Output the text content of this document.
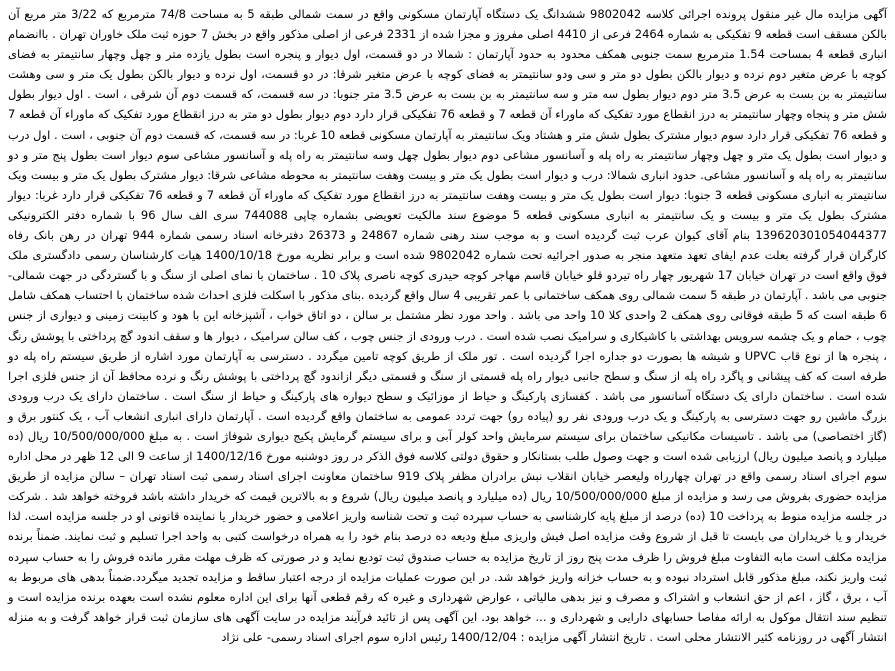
آگهی مزایده مال غیر منقول پرونده اجرائی کلاسه 9802042 ششدانگ یک دستگاه آپارتمان مسکونی واقع در سمت شمالی طبقه 5 به مساحت 74/8 مترمربع که 3/22 متر مربع آن بالکن مسقف است قطعه 9 تفکیکی به شماره 2464 فرعی از 4410 اصلی مفروز و مجزا شده از 2331 فرعی از اصلی مذکور واقع در بخش 7 حوزه ثبت ملک خاوران تهران . باانضمام انباری قطعه 4 بمساحت 1.54 مترمربع سمت جنوبی همکف محدود به حدود آپارتمان : شمالا در دو قسمت، اول دیوار و پنجره است بطول یازده متر و چهل وچهار سانتیمتر به فضای کوچه با عرض متغیر دوم نرده و دیوار بالکن بطول دو متر و سی ودو سانتیمتر به فضای کوچه با عرض متغیر شرقا: در دو قسمت، اول نرده و دیوار بالکن بطول یک متر و سی وهشت سانتیمتر به بن بست به عرض 3.5 متر دوم دیوار بطول سه متر و سه سانتیمتر به بن بست به عرض 3.5 متر جنوبا: در سه قسمت، که قسمت دوم آن شرقی ، است . اول دیوار بطول شش متر و پنجاه وچهار سانتیمتر به درز انقطاع مورد تفکیک که ماوراء آن قطعه 7 و قطعه 76 تفکیکی قرار دارد دوم دیوار بطول دو متر به درز انقطاع مورد تفکیک که ماوراء آن قطعه 7 و قطعه 76 تفکیکی قرار دارد سوم دیوار مشترک بطول شش متر و هشتاد ویک سانتیمتر به آپارتمان مسکونی قطعه 10 غربا: در سه قسمت، که قسمت دوم آن جنوبی ، است . اول درب و دیوار است بطول یک متر و چهل وچهار سانتیمتر به راه پله و آسانسور مشاعی دوم دیوار بطول چهل وسه سانتیمتر به راه پله و آسانسور مشاعی سوم دیوار است بطول پنج متر و دو سانتیمتر به راه پله و آسانسور مشاعی. حدود انباری شمالا: درب و دیوار است بطول یک متر و بیست وهفت سانتیمتر به محوطه مشاعی شرقا: دیوار مشترک بطول یک متر و بیست ویک سانتیمتر به انباری مسکونی قطعه 3 جنوبا: دیوار است بطول یک متر و بیست وهفت سانتیمتر به درز انقطاع مورد تفکیک که ماوراء آن قطعه 7 و قطعه 76 تفکیکی قرار دارد غربا: دیوار مشترک بطول یک متر و بیست و یک سانتیمتر به انباری مسکونی قطعه 5 موضوع سند مالکیت تعویضی بشماره چاپی 744088 سری الف سال 96 با شماره دفتر الکترونیکی 139620301054044377 بنام آقای کیوان عرب ثبت گردیده است و به موجب سند رهنی شماره 24867 و 26373 دفترخانه اسناد رسمی شماره 944 تهران در رهن بانک رفاه کارگران قرار گرفته بعلت عدم ایفای تعهد متعهد منجر به صدور اجرائیه تحت شماره 9802042 شده است و برابر نظریه مورخ 1400/10/18 هیات کارشناسان رسمی دادگستری ملک فوق واقع است در تهران خیابان 17 شهریور چهار راه تیردو قلو خیابان قاسم مهاجر کوچه حیدری کوچه ناصری پلاک 10 . ساختمان با نمای اصلی از سنگ و با گستردگی در جهت شمالی-جنوبی می باشد . آپارتمان در طبقه 5 سمت شمالی روی همکف ساختمانی با عمر تقریبی 4 سال واقع گردیده .بنای مذکور با اسکلت فلزی احداث شده ساختمان با احتساب همکف شامل 6 طبقه است که 5 طبقه فوقانی روی همکف 2 واحدی کلا 10 واحد می باشد . واحد مورد نظر مشتمل بر سالن ، دو اتاق خواب ، آشپزخانه این با هود و کابینت زمینی و دیواری از جنس چوب ، حمام و یک چشمه سرویس بهداشتی با کاشیکاری و سرامیک نصب شده است . درب ورودی از جنس چوب ، کف سالن سرامیک ، دیوار ها و سقف اندود گچ پرداختی با پوشش رنگ ، پنجره ها از نوع قاب UPVC و شیشه ها بصورت دو جداره اجرا گردیده است . تور ملک از طریق کوچه تامین میگردد . دسترسی به آپارتمان مورد اشاره از طریق سیستم راه پله دو طرفه است که کف پیشانی و پاگرد راه پله از سنگ و سطح جانبی دیوار راه پله قسمتی از سنگ و قسمتی دیگر ازاندود گچ پرداختی با پوشش رنگ و نرده محافظ آن از جنس فلزی اجرا شده است . ساختمان دارای یک دستگاه آسانسور می باشد . کفسازی پارکینگ و حیاط از موزائیک و سطح دیواره های پارکینگ و حیاط از سنگ است . ساختمان دارای یک درب ورودی بزرگ ماشین رو جهت دسترسی به پارکینگ و یک درب ورودی نفر رو (پیاده رو) جهت تردد عمومی به ساختمان واقع گردیده است . آپارتمان دارای انباری انشعاب آب ، یک کنتور برق و (گاز اختصاصی) می باشد . تاسیسات مکانیکی ساختمان برای سیستم سرمایش واحد کولر آبی و برای سیستم گرمایش پکیج دیواری شوفاژ است . به مبلغ 10/500/000/000 ریال (ده میلیارد و پانصد میلیون ریال) ارزیابی شده است و جهت وصول طلب بستانکار و حقوق دولتی کلاسه فوق الذکر در روز دوشنبه مورخ 1400/12/16 از ساعت 9 الی 12 ظهر در محل اداره سوم اجرای اسناد رسمی واقع در تهران چهارراه ولیعصر خیابان انقلاب نبش برادران مظفر پلاک 919 ساختمان معاونت اجرای اسناد رسمی ثبت اسناد تهران – سالن مزایده از طریق مزایده حضوری بفروش می رسد و مزایده از مبلغ 10/500/000/000 ریال (ده میلیارد و پانصد میلیون ریال) شروع و به بالاترین قیمت که خریدار داشته باشد فروخته خواهد شد . شرکت در جلسه مزایده منوط به پرداخت 10 (ده) درصد از مبلغ پایه کارشناسی به حساب سپرده ثبت و تحت شناسه واریز اعلامی و حضور خریدار یا نماینده قانونی او در جلسه مزایده است. لذا خریدار و یا خریداران می بایست تا قبل از شروع وقت مزایده اصل فیش واریزی مبلغ ودیعه ده درصد بنام خود را به همراه درخواست کتبی به واحد اجرا تسلیم و ثبت نمایند. ضمناً برنده مزایده مکلف است مابه التفاوت مبلغ فروش را ظرف مدت پنج روز از تاریخ مزایده به حساب صندوق ثبت توديع نمايد و در صورتی که ظرف مهلت مقرر مانده فروش را به حساب سپرده ثبت واریز نکند، مبلغ مذکور قابل استرداد نبوده و به حساب خزانه واریز خواهد شد. در این صورت عملیات مزایده از درجه اعتبار ساقط و مزایده تجدید میگردد.ضمناً بدهی های مربوط به آب ، برق ، گاز ، اعم از حق انشعاب و اشتراک و مصرف و نیز بدهی مالیاتی ، عوارض شهرداری و غیره که رقم قطعی آنها برای این اداره معلوم نشده است بعهده برنده مزایده است و تنظیم سند انتقال موکول به ارائه مفاصا حسابهای دارایی و شهرداری و ... خواهد بود. این آگهی پس از تائید فرآیند مزایده در سایت آگهی های سازمان ثبت قرار خواهد گرفت و به منزله انتشار آگهی در روزنامه کثیر الانتشار محلی است . تاریخ انتشار آگهی مزایده : 1400/12/04 رئیس اداره سوم اجرای اسناد رسمی- علی نژاد
